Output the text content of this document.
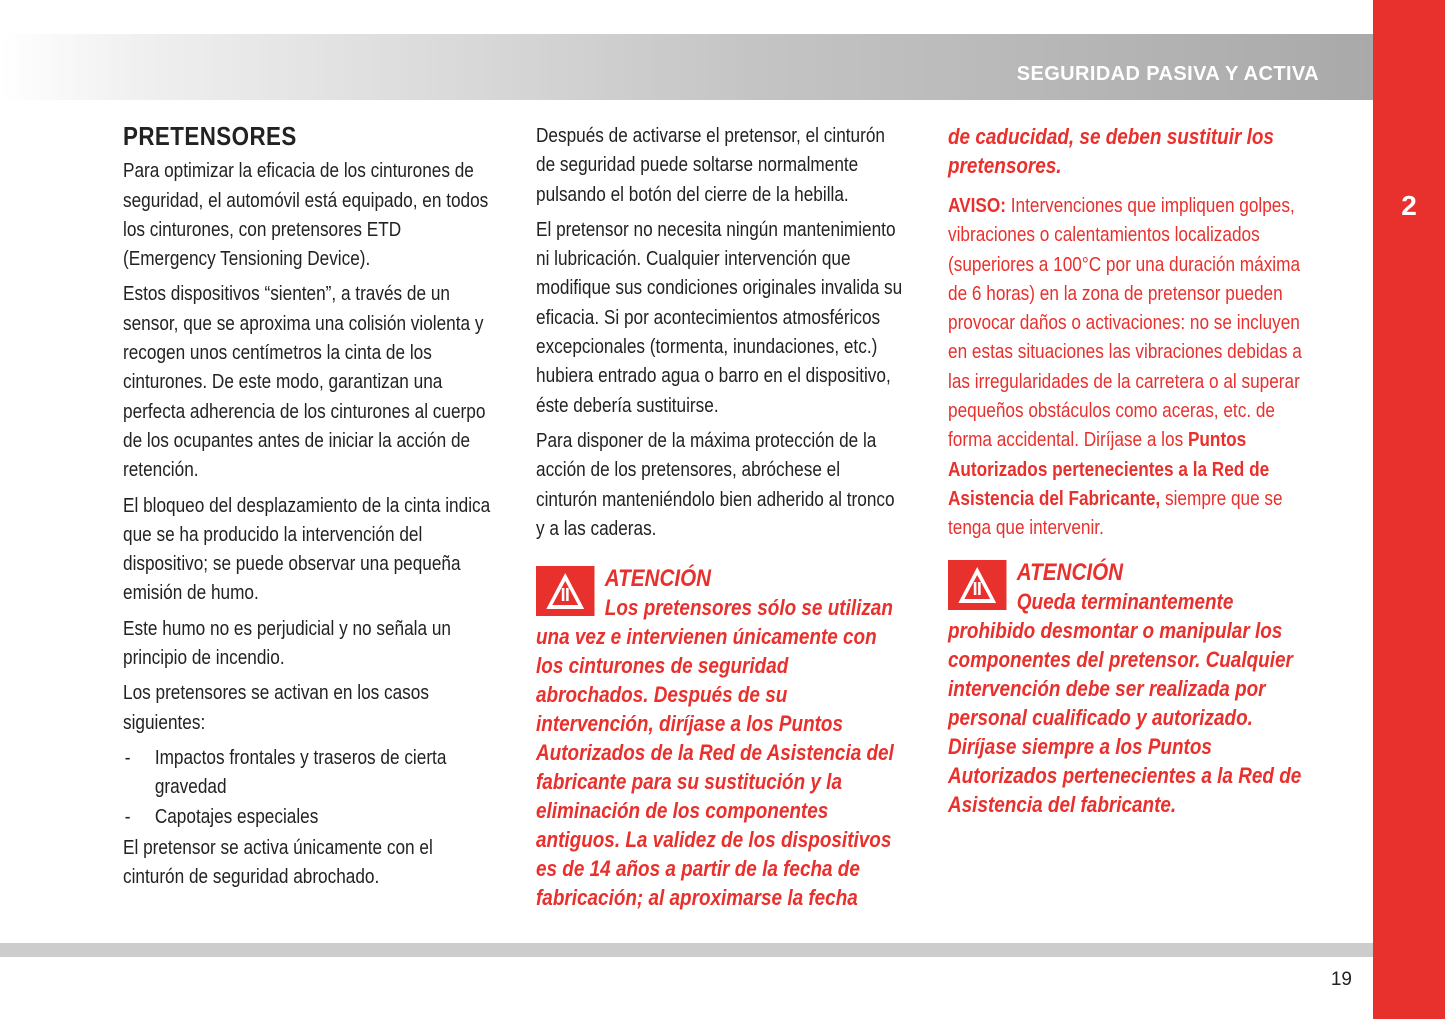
SEGURIDAD PASIVA Y ACTIVA
2
PRETENSORES

Para optimizar la eficacia de los cinturones de seguridad, el automóvil está equipado, en todos los cinturones, con pretensores ETD (Emergency Tensioning Device).

Estos dispositivos “sienten”, a través de un sensor, que se aproxima una colisión violenta y recogen unos centímetros la cinta de los cinturones. De este modo, garantizan una perfecta adherencia de los cinturones al cuerpo de los ocupantes antes de iniciar la acción de retención.

El bloqueo del desplazamiento de la cinta indica que se ha producido la intervención del dispositivo; se puede observar una pequeña emisión de humo.

Este humo no es perjudicial y no señala un principio de incendio.

Los pretensores se activan en los casos siguientes:

- Impactos frontales y traseros de cierta gravedad
- Capotajes especiales

El pretensor se activa únicamente con el cinturón de seguridad abrochado.

Después de activarse el pretensor, el cinturón de seguridad puede soltarse normalmente pulsando el botón del cierre de la hebilla.

El pretensor no necesita ningún mantenimiento ni lubricación. Cualquier intervención que modifique sus condiciones originales invalida su eficacia. Si por acontecimientos atmosféricos excepcionales (tormenta, inundaciones, etc.) hubiera entrado agua o barro en el dispositivo, éste debería sustituirse.

Para disponer de la máxima protección de la acción de los pretensores, abróchese el cinturón manteniéndolo bien adherido al tronco y a las caderas.

ATENCIÓN
Los pretensores sólo se utilizan una vez e intervienen únicamente con los cinturones de seguridad abrochados. Después de su intervención, diríjase a los Puntos Autorizados de la Red de Asistencia del fabricante para su sustitución y la eliminación de los componentes antiguos. La validez de los dispositivos es de 14 años a partir de la fecha de fabricación; al aproximarse la fecha

de caducidad, se deben sustituir los pretensores.

AVISO: Intervenciones que impliquen golpes, vibraciones o calentamientos localizados (superiores a 100°C por una duración máxima de 6 horas) en la zona de pretensor pueden provocar daños o activaciones: no se incluyen en estas situaciones las vibraciones debidas a las irregularidades de la carretera o al superar pequeños obstáculos como aceras, etc. de forma accidental. Diríjase a los Puntos Autorizados pertenecientes a la Red de Asistencia del Fabricante, siempre que se tenga que intervenir.

ATENCIÓN
Queda terminantemente prohibido desmontar o manipular los componentes del pretensor. Cualquier intervención debe ser realizada por personal cualificado y autorizado. Diríjase siempre a los Puntos Autorizados pertenecientes a la Red de Asistencia del fabricante.
19
